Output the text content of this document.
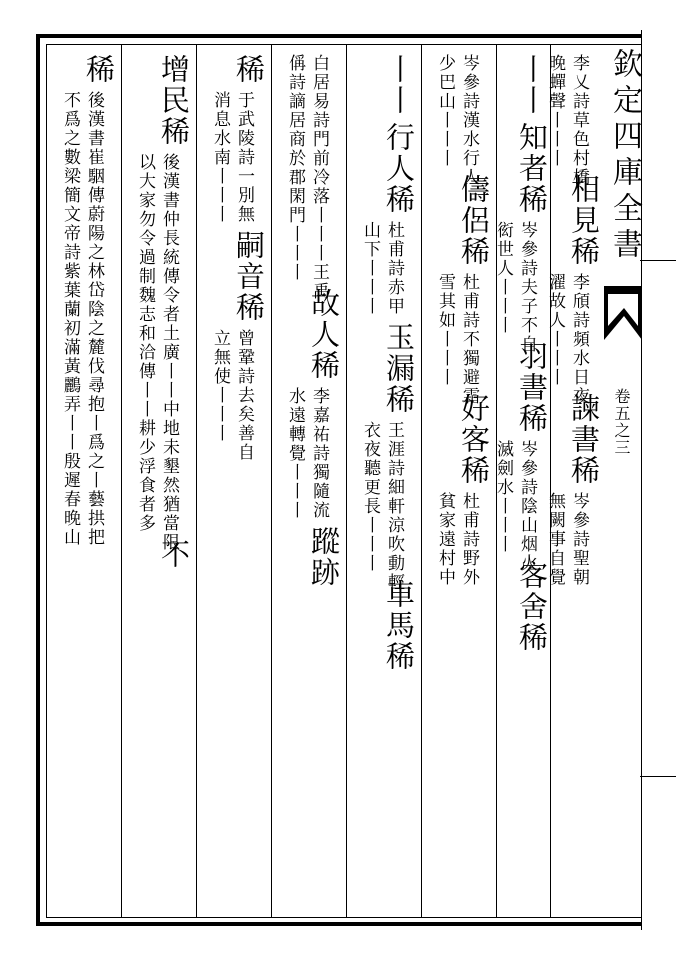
欽定四庫全書
卷五之三
稀
後漢書崔駰傳蔚陽之林岱陰之麓伐尋抱丨爲之丨藝拱把
不爲之數梁簡文帝詩紫葉蘭初滿黃鸝弄丨丨殷遲春晚山	增民稀
後漢書仲長統傳令者土廣丨丨中地未墾然猶當限
以大家勿令過制魏志和洽傳丨丨耕少浮食者多
不
稀
于武陵詩一別無
消息水南丨丨丨
嗣音稀
曾鞏詩去矣善自
立無使丨丨丨
白居易詩門前冷落丨丨丨王禹
偁詩謫居商於郡閑門丨丨丨
故人稀
李嘉祐詩獨隨流
水遠轉覺丨丨丨
蹤跡
丨丨
行人稀
杜甫詩赤甲
山下丨丨丨
玉漏稀
王涯詩細軒涼吹動輕
衣夜聽更長丨丨丨
車馬稀
岑參詩漢水行人
少巴山丨丨丨
儔侶稀
杜甫詩不獨避霜
雪其如丨丨丨
好客稀
杜甫詩野外
貧家遠村中
丨丨
知者稀
岑參詩夫子不自
衒世人丨丨丨
羽書稀
岑參詩陰山烟火
滅劍水丨丨丨
客舍稀
李乂詩草色村橋
晚蟬聲丨丨丨
相見稀
李頎詩頻水日夜
濯故人丨丨丨
諫書稀
岑參詩聖朝
無闕事自覺
